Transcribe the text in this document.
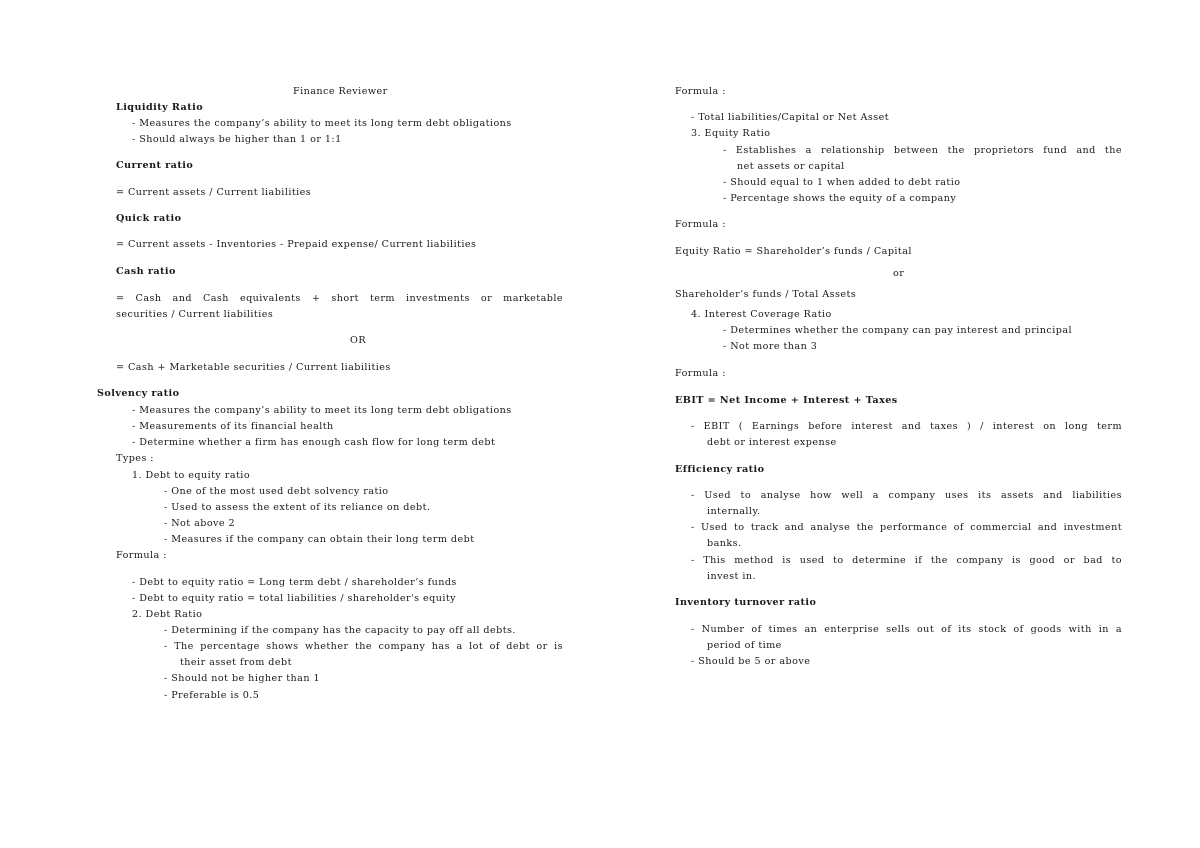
Finance Reviewer
Liquidity Ratio
- Measures the company’s ability to meet its long term debt obligations
- Should always be higher than 1 or 1:1
Current ratio
= Current assets / Current liabilities
Quick ratio
= Current assets - Inventories - Prepaid expense/ Current liabilities
Cash ratio
= Cash and Cash equivalents + short term investments or marketable
securities / Current liabilities
OR
= Cash + Marketable securities / Current liabilities
Solvency ratio
- Measures the company’s ability to meet its long term debt obligations
- Measurements of its financial health
- Determine whether a firm has enough cash flow for long term debt
Types :
1. Debt to equity ratio
- One of the most used debt solvency ratio
- Used to assess the extent of its reliance on debt.
- Not above 2
- Measures if the company can obtain their long term debt
Formula :
- Debt to equity ratio = Long term debt / shareholder’s funds
- Debt to equity ratio = total liabilities / shareholder's equity
2. Debt Ratio
- Determining if the company has the capacity to pay off all debts.
- The percentage shows whether the company has a lot of debt or is
their asset from debt
- Should not be higher than 1
- Preferable is 0.5
Formula :
- Total liabilities/Capital or Net Asset
3. Equity Ratio
- Establishes a relationship between the proprietors fund and the
net assets or capital
- Should equal to 1 when added to debt ratio
- Percentage shows the equity of a company
Formula :
Equity Ratio = Shareholder’s funds / Capital
or
Shareholder’s funds / Total Assets
4. Interest Coverage Ratio
- Determines whether the company can pay interest and principal
- Not more than 3
Formula :
EBIT = Net Income + Interest + Taxes
- EBIT ( Earnings before interest and taxes ) / interest on long term
debt or interest expense
Efficiency ratio
- Used to analyse how well a company uses its assets and liabilities
internally.
- Used to track and analyse the performance of commercial and investment
banks.
- This method is used to determine if the company is good or bad to
invest in.
Inventory turnover ratio
- Number of times an enterprise sells out of its stock of goods with in a
period of time
- Should be 5 or above
